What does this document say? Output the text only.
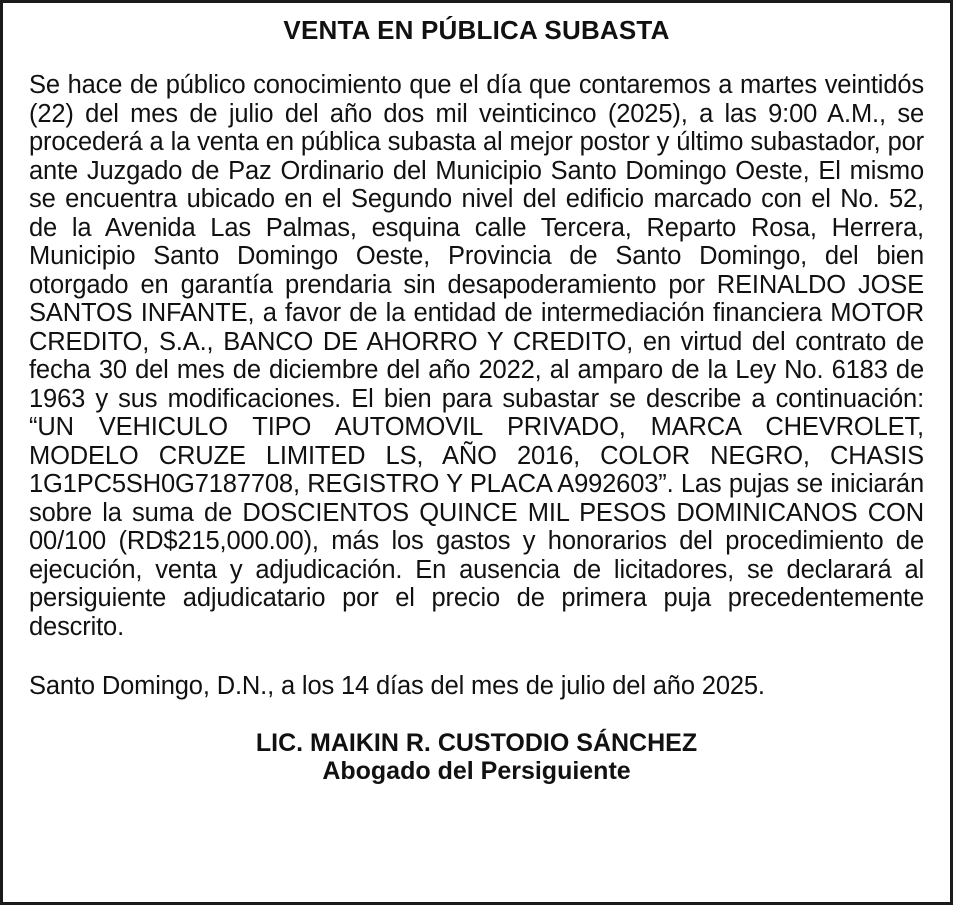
VENTA EN PÚBLICA SUBASTA

Se hace de público conocimiento que el día que contaremos a martes veintidós (22) del mes de julio del año dos mil veinticinco (2025), a las 9:00 A.M., se procederá a la venta en pública subasta al mejor postor y último subastador, por ante Juzgado de Paz Ordinario del Municipio Santo Domingo Oeste, El mismo se encuentra ubicado en el Segundo nivel del edificio marcado con el No. 52, de la Avenida Las Palmas, esquina calle Tercera, Reparto Rosa, Herrera, Municipio Santo Domingo Oeste, Provincia de Santo Domingo, del bien otorgado en garantía prendaria sin desapoderamiento por REINALDO JOSE SANTOS INFANTE, a favor de la entidad de intermediación financiera MOTOR CREDITO, S.A., BANCO DE AHORRO Y CREDITO, en virtud del contrato de fecha 30 del mes de diciembre del año 2022, al amparo de la Ley No. 6183 de 1963 y sus modificaciones. El bien para subastar se describe a continuación: “UN VEHICULO TIPO AUTOMOVIL PRIVADO, MARCA CHEVROLET, MODELO CRUZE LIMITED LS, AÑO 2016, COLOR NEGRO, CHASIS 1G1PC5SH0G7187708, REGISTRO Y PLACA A992603”. Las pujas se iniciarán sobre la suma de DOSCIENTOS QUINCE MIL PESOS DOMINICANOS CON 00/100 (RD$215,000.00), más los gastos y honorarios del procedimiento de ejecución, venta y adjudicación. En ausencia de licitadores, se declarará al persiguiente adjudicatario por el precio de primera puja precedentemente descrito.

Santo Domingo, D.N., a los 14 días del mes de julio del año 2025.

LIC. MAIKIN R. CUSTODIO SÁNCHEZ
Abogado del Persiguiente
